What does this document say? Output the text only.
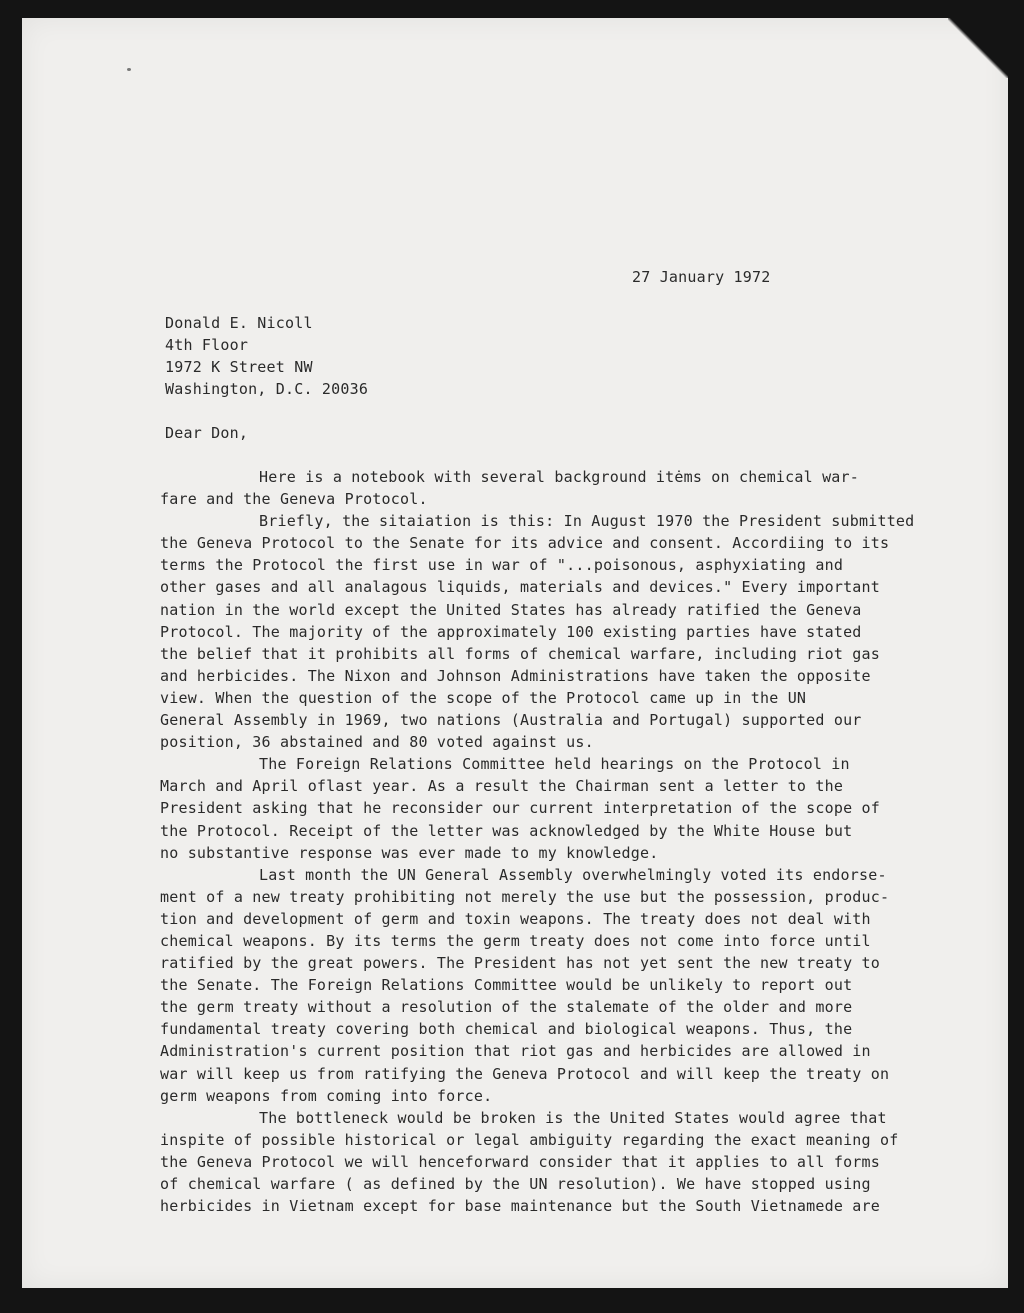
27 January 1972
Donald E. Nicoll
4th Floor
1972 K Street NW
Washington, D.C. 20036
Dear Don,
Here is a notebook with several background itėms on chemical war-
fare and the Geneva Protocol.
Briefly, the sitaiation is this: In August 1970 the President submitted
the Geneva Protocol to the Senate for its advice and consent. Accordiing to its
terms the Protocol the first use in war of "...poisonous, asphyxiating and
other gases and all analagous liquids, materials and devices." Every important
nation in the world except the United States has already ratified the Geneva
Protocol. The majority of the approximately 100 existing parties have stated
the belief that it prohibits all forms of chemical warfare, including riot gas
and herbicides. The Nixon and Johnson Administrations have taken the opposite
view. When the question of the scope of the Protocol came up in the UN
General Assembly in 1969, two nations (Australia and Portugal) supported our
position, 36 abstained and 80 voted against us.
The Foreign Relations Committee held hearings on the Protocol in
March and April oflast year. As a result the Chairman sent a letter to the
President asking that he reconsider our current interpretation of the scope of
the Protocol. Receipt of the letter was acknowledged by the White House but
no substantive response was ever made to my knowledge.
Last month the UN General Assembly overwhelmingly voted its endorse-
ment of a new treaty prohibiting not merely the use but the possession, produc-
tion and development of germ and toxin weapons. The treaty does not deal with
chemical weapons. By its terms the germ treaty does not come into force until
ratified by the great powers. The President has not yet sent the new treaty to
the Senate. The Foreign Relations Committee would be unlikely to report out
the germ treaty without a resolution of the stalemate of the older and more
fundamental treaty covering both chemical and biological weapons. Thus, the
Administration's current position that riot gas and herbicides are allowed in
war will keep us from ratifying the Geneva Protocol and will keep the treaty on
germ weapons from coming into force.
The bottleneck would be broken is the United States would agree that
inspite of possible historical or legal ambiguity regarding the exact meaning of
the Geneva Protocol we will henceforward consider that it applies to all forms
of chemical warfare ( as defined by the UN resolution). We have stopped using
herbicides in Vietnam except for base maintenance but the South Vietnamede are
